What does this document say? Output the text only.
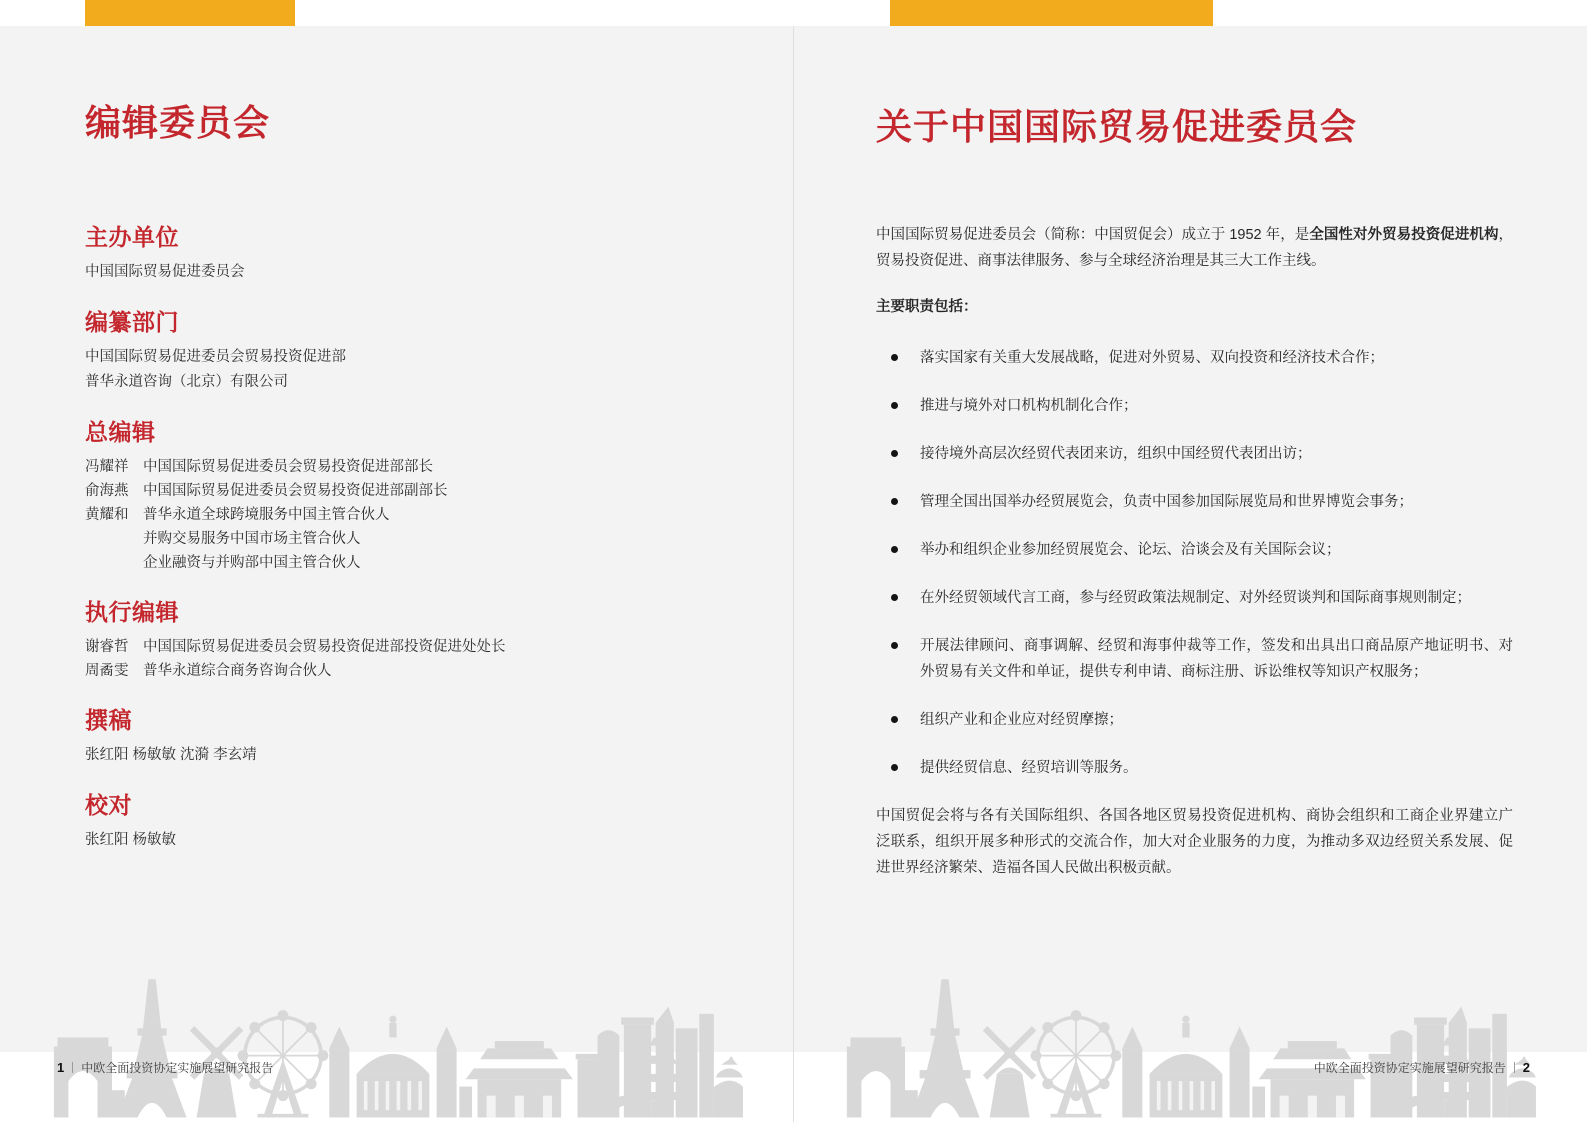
编辑委员会	关于中国国际贸易促进委员会
主办单位

中国国际贸易促进委员会

编纂部门

中国国际贸易促进委员会贸易投资促进部

普华永道咨询（北京）有限公司

总编辑
冯耀祥	中国国际贸易促进委员会贸易投资促进部部长
俞海燕	中国国际贸易促进委员会贸易投资促进部副部长
黄耀和	普华永道全球跨境服务中国主管合伙人
并购交易服务中国市场主管合伙人
企业融资与并购部中国主管合伙人
执行编辑
谢睿哲	中国国际贸易促进委员会贸易投资促进部投资促进处处长
周矞雯	普华永道综合商务咨询合伙人
撰稿

张红阳 杨敏敏 沈漪 李玄靖

校对

张红阳 杨敏敏

中国国际贸易促进委员会（简称：中国贸促会）成立于 1952 年，是全国性对外贸易投资促进机构，贸易投资促进、商事法律服务、参与全球经济治理是其三大工作主线。

主要职责包括：

落实国家有关重大发展战略，促进对外贸易、双向投资和经济技术合作；
推进与境外对口机构机制化合作；
接待境外高层次经贸代表团来访，组织中国经贸代表团出访；
管理全国出国举办经贸展览会，负责中国参加国际展览局和世界博览会事务；
举办和组织企业参加经贸展览会、论坛、洽谈会及有关国际会议；
在外经贸领域代言工商，参与经贸政策法规制定、对外经贸谈判和国际商事规则制定；
开展法律顾问、商事调解、经贸和海事仲裁等工作，签发和出具出口商品原产地证明书、对外贸易有关文件和单证，提供专利申请、商标注册、诉讼维权等知识产权服务；
组织产业和企业应对经贸摩擦；
提供经贸信息、经贸培训等服务。

中国贸促会将与各有关国际组织、各国各地区贸易投资促进机构、商协会组织和工商企业界建立广泛联系，组织开展多种形式的交流合作，加大对企业服务的力度，为推动多双边经贸关系发展、促进世界经济繁荣、造福各国人民做出积极贡献。

1 中欧全面投资协定实施展望研究报告	中欧全面投资协定实施展望研究报告 2
